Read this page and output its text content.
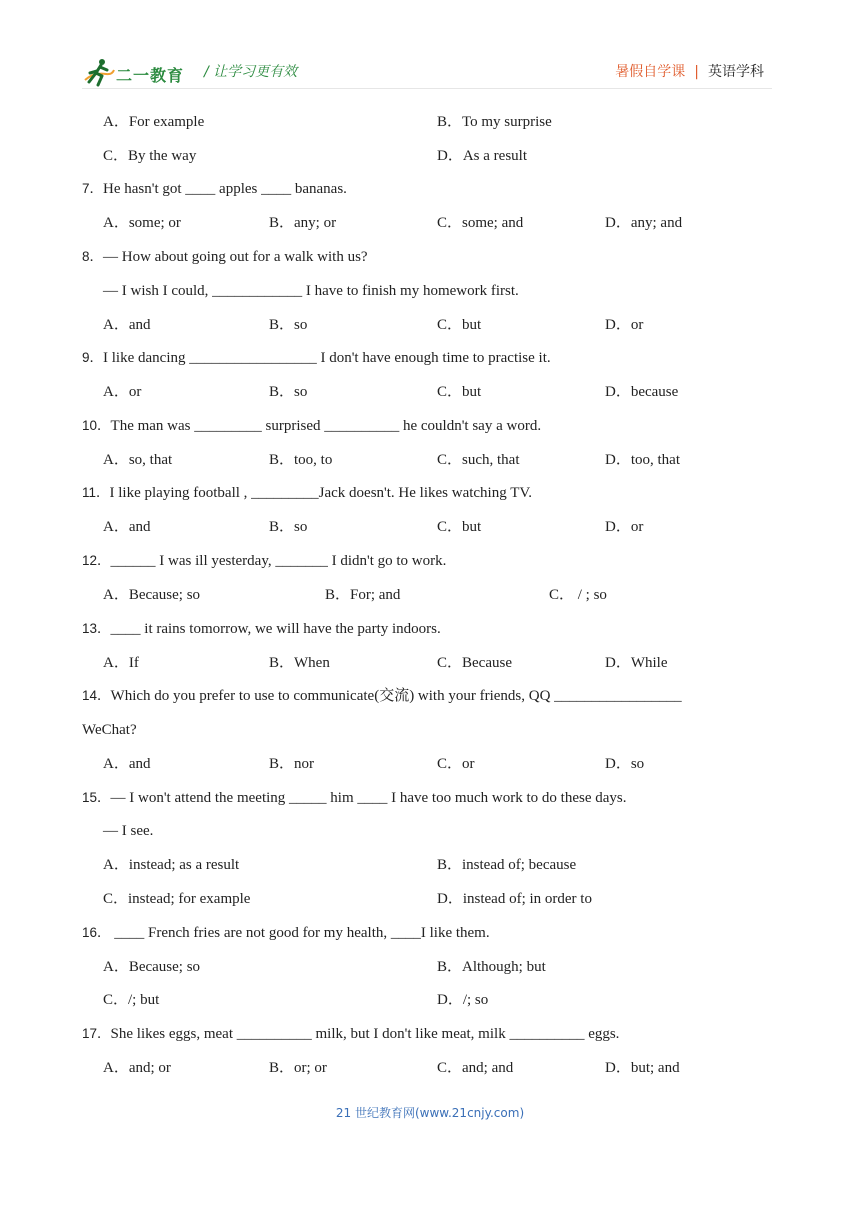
二一教育 / 让学习更有效	暑假自学课 | 英语学科
A．For example	B．To my surprise
C．By the way	D．As a result
7．He hasn't got ____ apples ____ bananas.
A．some; or	B．any; or	C．some; and	D．any; and
8．— How about going out for a walk with us?
— I wish I could, ____________ I have to finish my homework first.
A．and	B．so	C．but	D．or
9．I like dancing _________________ I don't have enough time to practise it.
A．or	B．so	C．but	D．because
10．The man was _________ surprised __________ he couldn't say a word.
A．so, that	B．too, to	C．such, that	D．too, that
11．I like playing football , _________Jack doesn't. He likes watching TV.
A．and	B．so	C．but	D．or
12．______ I was ill yesterday, _______ I didn't go to work.
A．Because; so	B．For; and	C． / ; so
13．____ it rains tomorrow, we will have the party indoors.
A．If	B．When	C．Because	D．While
14．Which do you prefer to use to communicate(交流) with your friends, QQ _________________
WeChat?
A．and	B．nor	C．or	D．so
15．— I won't attend the meeting _____ him ____ I have too much work to do these days.
— I see.
A．instead; as a result	B．instead of; because
C．instead; for example	D．instead of; in order to
16． ____ French fries are not good for my health, ____I like them.
A．Because; so	B．Although; but
C．/; but	D．/; so
17．She likes eggs, meat __________ milk, but I don't like meat, milk __________ eggs.
A．and; or	B．or; or	C．and; and	D．but; and
21 世纪教育网(www.21cnjy.com)
